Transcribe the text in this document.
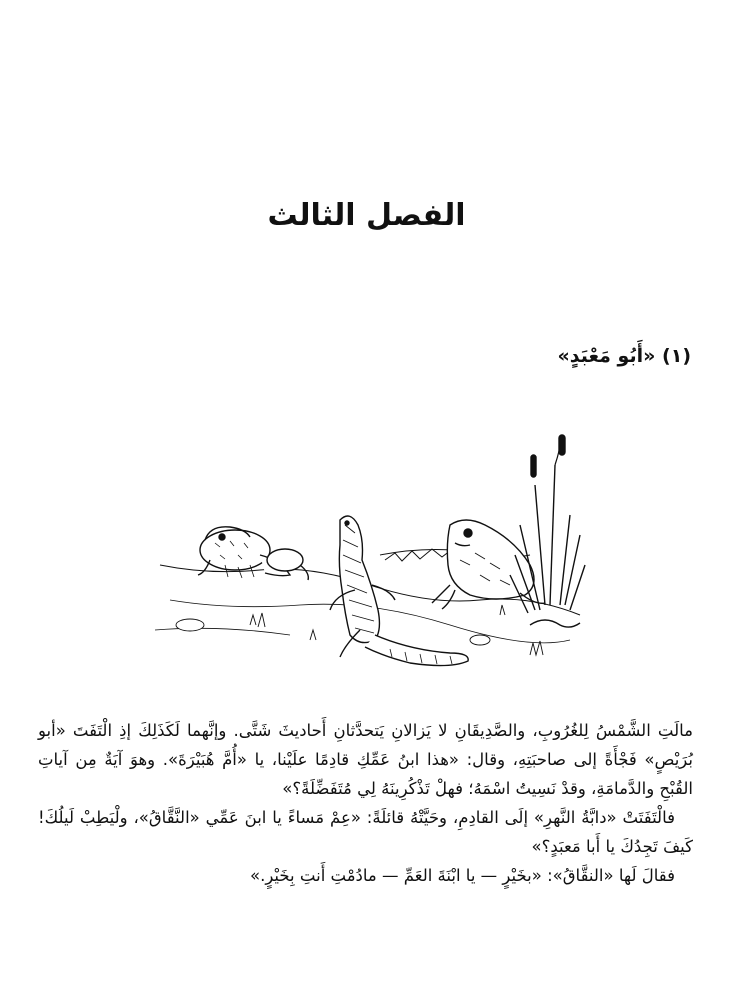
الفصل الثالث
(١) «أَبُو مَعْبَدٍ»

مالَتِ الشَّمْسُ لِلغُرُوبِ، والصَّدِيقَانِ لا يَزالانِ يَتحدَّثانِ أَحاديثَ شَتَّى. وإنَّهما لَكَذَلِكَ إذِ الْتَفَتَ «أبو بُرَيْصٍ» فَجْأَةً إلى صاحبَتِهِ، وقال: «هذا ابنُ عَمِّكِ قادِمًا علَيْنا، يا «أُمَّ هُبَيْرَةَ». وهوَ آيَةٌ مِن آياتِ القُبْحِ والدَّمامَةِ، وقدْ نَسِيتُ اسْمَهُ؛ فهلْ تَذْكُرِينَهُ لِي مُتَفَضِّلَةً؟»

فالْتَفَتَتْ «دابَّةُ النَّهرِ» إلَى القادِمِ، وحَيَّتْهُ قائلَةً: «عِمْ مَساءً يا ابنَ عَمِّي «النَّقَّاقُ»، ولْيَطِبْ لَيلُكَ! كَيفَ تَجِدُكَ يا أَبا مَعبَدٍ؟»

فقالَ لَها «النقَّاقُ»: «بخَيْرٍ — يا ابْنَةَ العَمِّ — مادُمْتِ أَنتِ بِخَيْرٍ.»
